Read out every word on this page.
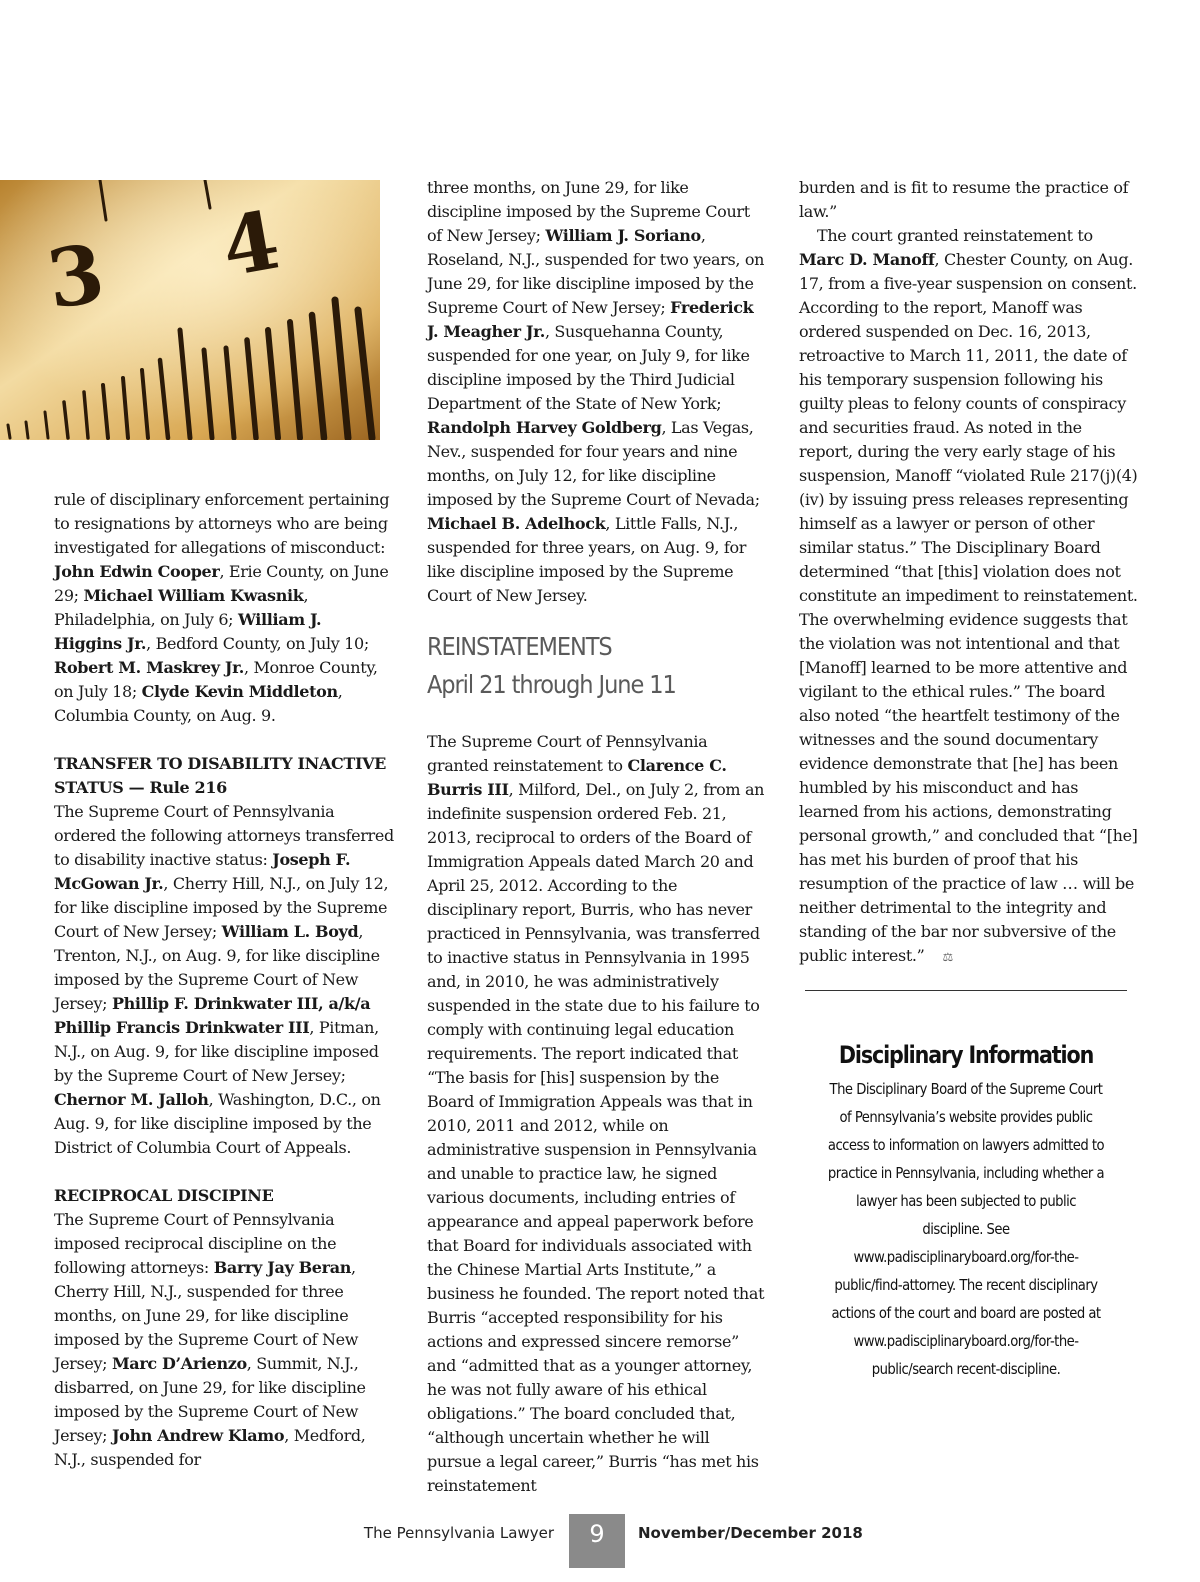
3 4

rule of disciplinary enforcement pertaining to resignations by attorneys who are being investigated for allegations of misconduct: John Edwin Cooper, Erie County, on June 29; Michael William Kwasnik, Philadelphia, on July 6; William J. Higgins Jr., Bedford County, on July 10; Robert M. Maskrey Jr., Monroe County, on July 18; Clyde Kevin Middleton, Columbia County, on Aug. 9.

TRANSFER TO DISABILITY INACTIVE STATUS — Rule 216

The Supreme Court of Pennsylvania ordered the following attorneys transferred to disability inactive status: Joseph F. McGowan Jr., Cherry Hill, N.J., on July 12, for like discipline imposed by the Supreme Court of New Jersey; William L. Boyd, Trenton, N.J., on Aug. 9, for like discipline imposed by the Supreme Court of New Jersey; Phillip F. Drinkwater III, a/k/a Phillip Francis Drinkwater III, Pitman, N.J., on Aug. 9, for like discipline imposed by the Supreme Court of New Jersey; Chernor M. Jalloh, Washington, D.C., on Aug. 9, for like discipline imposed by the District of Columbia Court of Appeals.

RECIPROCAL DISCIPINE

The Supreme Court of Pennsylvania imposed reciprocal discipline on the following attorneys: Barry Jay Beran, Cherry Hill, N.J., suspended for three months, on June 29, for like discipline imposed by the Supreme Court of New Jersey; Marc D’Arienzo, Summit, N.J., disbarred, on June 29, for like discipline imposed by the Supreme Court of New Jersey; John Andrew Klamo, Medford, N.J., suspended for

three months, on June 29, for like discipline imposed by the Supreme Court of New Jersey; William J. Soriano, Roseland, N.J., suspended for two years, on June 29, for like discipline imposed by the Supreme Court of New Jersey; Frederick J. Meagher Jr., Susquehanna County, suspended for one year, on July 9, for like discipline imposed by the Third Judicial Department of the State of New York; Randolph Harvey Goldberg, Las Vegas, Nev., suspended for four years and nine months, on July 12, for like discipline imposed by the Supreme Court of Nevada; Michael B. Adelhock, Little Falls, N.J., suspended for three years, on Aug. 9, for like discipline imposed by the Supreme Court of New Jersey.

REINSTATEMENTS

April 21 through June 11

The Supreme Court of Pennsylvania granted reinstatement to Clarence C. Burris III, Milford, Del., on July 2, from an indefinite suspension ordered Feb. 21, 2013, reciprocal to orders of the Board of Immigration Appeals dated March 20 and April 25, 2012. According to the disciplinary report, Burris, who has never practiced in Pennsylvania, was transferred to inactive status in Pennsylvania in 1995 and, in 2010, he was administratively suspended in the state due to his failure to comply with continuing legal education requirements. The report indicated that “The basis for [his] suspension by the Board of Immigration Appeals was that in 2010, 2011 and 2012, while on administrative suspension in Pennsylvania and unable to practice law, he signed various documents, including entries of appearance and appeal paperwork before that Board for individuals associated with the Chinese Martial Arts Institute,” a business he founded. The report noted that Burris “accepted responsibility for his actions and expressed sincere remorse” and “admitted that as a younger attorney, he was not fully aware of his ethical obligations.” The board concluded that, “although uncertain whether he will pursue a legal career,” Burris “has met his reinstatement

burden and is fit to resume the practice of law.”

The court granted reinstatement to Marc D. Manoff, Chester County, on Aug. 17, from a five-year suspension on consent. According to the report, Manoff was ordered suspended on Dec. 16, 2013, retroactive to March 11, 2011, the date of his temporary suspension following his guilty pleas to felony counts of conspiracy and securities fraud. As noted in the report, during the very early stage of his suspension, Manoff “violated Rule 217(j)(4)(iv) by issuing press releases representing himself as a lawyer or person of other similar status.” The Disciplinary Board determined “that [this] violation does not constitute an impediment to reinstatement. The overwhelming evidence suggests that the violation was not intentional and that [Manoff] learned to be more attentive and vigilant to the ethical rules.” The board also noted “the heartfelt testimony of the witnesses and the sound documentary evidence demonstrate that [he] has been humbled by his misconduct and has learned from his actions, demonstrating personal growth,” and concluded that “[he] has met his burden of proof that his resumption of the practice of law … will be neither detrimental to the integrity and standing of the bar nor subversive of the public interest.” ⚖

Disciplinary Information
The Disciplinary Board of the Supreme Court of Pennsylvania’s website provides public access to information on lawyers admitted to practice in Pennsylvania, including whether a lawyer has been subjected to public discipline. See www.padisciplinaryboard.org/for-the-public/find-attorney. The recent disciplinary actions of the court and board are posted at www.padisciplinaryboard.org/for-the-public/search recent-discipline.
The Pennsylvania Lawyer	9	November/December 2018
